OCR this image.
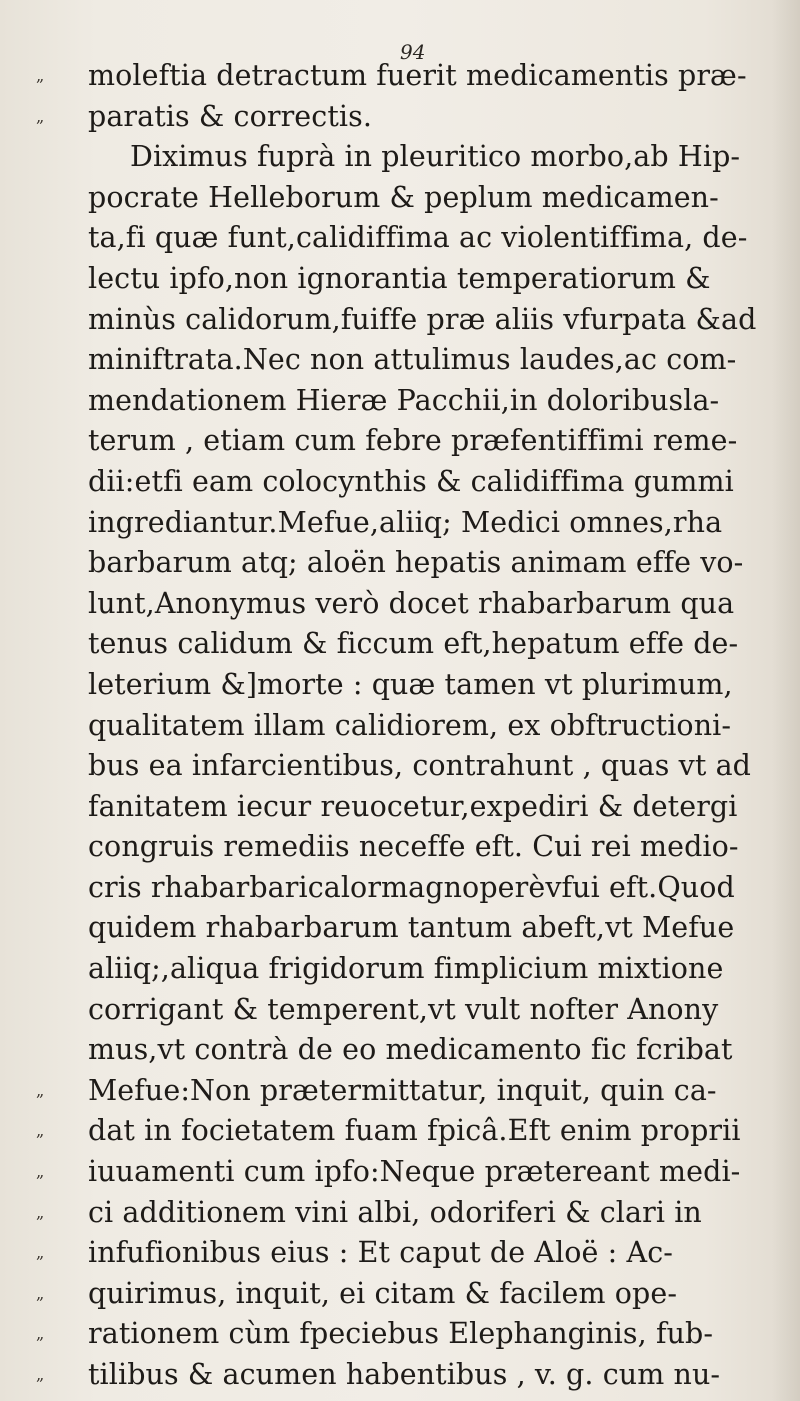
94
„	moleftia detractum fuerit medicamentis præ-
„	paratis & correctis.
Diximus fuprà in pleuritico morbo,ab Hip-
pocrate Helleborum & peplum medicamen-
ta,fi quæ funt,calidiffima ac violentiffima, de-
lectu ipfo,non ignorantia temperatiorum &
minùs calidorum,fuiffe præ aliis vfurpata &ad
miniftrata.Nec non attulimus laudes,ac com-
mendationem Hieræ Pacchii,in doloribusla-
terum , etiam cum febre præfentiffimi reme-
dii:etfi eam colocynthis & calidiffima gummi
ingrediantur.Mefue,aliiq; Medici omnes,rha
barbarum atq; aloën hepatis animam effe vo-
lunt,Anonymus verò docet rhabarbarum qua
tenus calidum & ficcum eft,hepatum effe de-
leterium &]morte : quæ tamen vt plurimum,
qualitatem illam calidiorem, ex obftructioni-
bus ea infarcientibus, contrahunt , quas vt ad
fanitatem iecur reuocetur,expediri & detergi
congruis remediis neceffe eft. Cui rei medio-
cris rhabarbaricalormagnoperèvfui eft.Quod
quidem rhabarbarum tantum abeft,vt Mefue
aliiq;,aliqua frigidorum fimplicium mixtione
corrigant & temperent,vt vult nofter Anony
mus,vt contrà de eo medicamento fic fcribat
„	Mefue:Non prætermittatur, inquit, quin ca-
„	dat in focietatem fuam fpicâ.Eft enim proprii
„	iuuamenti cum ipfo:Neque prætereant medi-
„	ci additionem vini albi, odoriferi & clari in
„	infufionibus eius : Et caput de Aloë : Ac-
„	quirimus, inquit, ei citam & facilem ope-
„	rationem cùm fpeciebus Elephanginis, fub-
„	tilibus & acumen habentibus , v. g. cum nu-
